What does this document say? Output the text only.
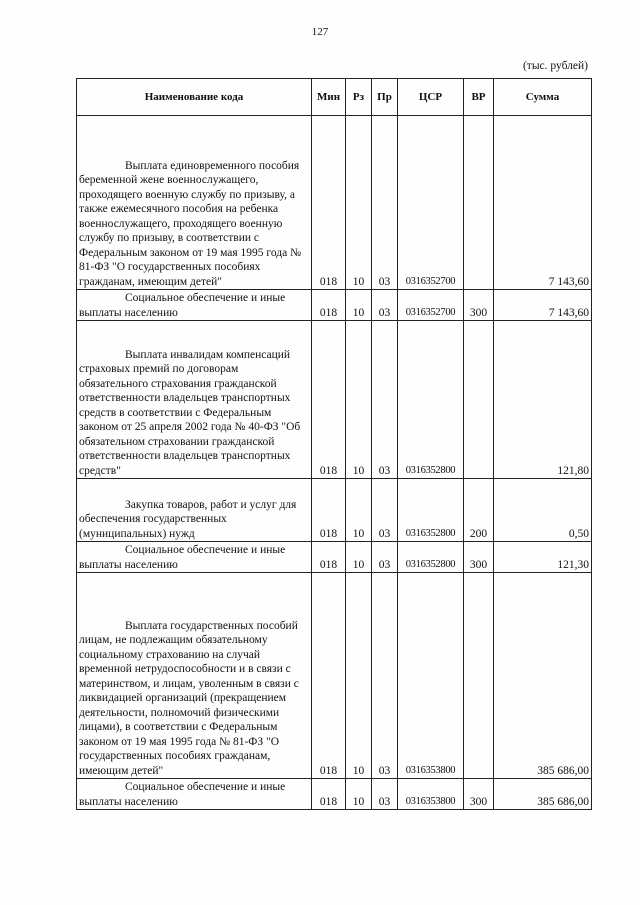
127
(тыс. рублей)
Наименование кода	Мин	Рз	Пр	ЦСР	ВР	Сумма

Выплата единовременного пособия беременной жене военнослужащего, проходящего военную службу по призыву, а также ежемесячного пособия на ребенка военнослужащего, проходящего военную службу по призыву, в соответствии с Федеральным законом от 19 мая 1995 года № 81-ФЗ "О государственных пособиях гражданам, имеющим детей"	018	10	03	0316352700		7 143,60

Социальное обеспечение и иные выплаты населению	018	10	03	0316352700	300	7 143,60

Выплата инвалидам компенсаций страховых премий по договорам обязательного страхования гражданской ответственности владельцев транспортных средств в соответствии с Федеральным законом от 25 апреля 2002 года № 40-ФЗ "Об обязательном страховании гражданской ответственности владельцев транспортных средств"	018	10	03	0316352800		121,80

Закупка товаров, работ и услуг для обеспечения государственных (муниципальных) нужд	018	10	03	0316352800	200	0,50

Социальное обеспечение и иные выплаты населению	018	10	03	0316352800	300	121,30

Выплата государственных пособий лицам, не подлежащим обязательному социальному страхованию на случай временной нетрудоспособности и в связи с материнством, и лицам, уволенным в связи с ликвидацией организаций (прекращением деятельности, полномочий физическими лицами), в соответствии с Федеральным законом от 19 мая 1995 года № 81-ФЗ "О государственных пособиях гражданам, имеющим детей"	018	10	03	0316353800		385 686,00

Социальное обеспечение и иные выплаты населению	018	10	03	0316353800	300	385 686,00
